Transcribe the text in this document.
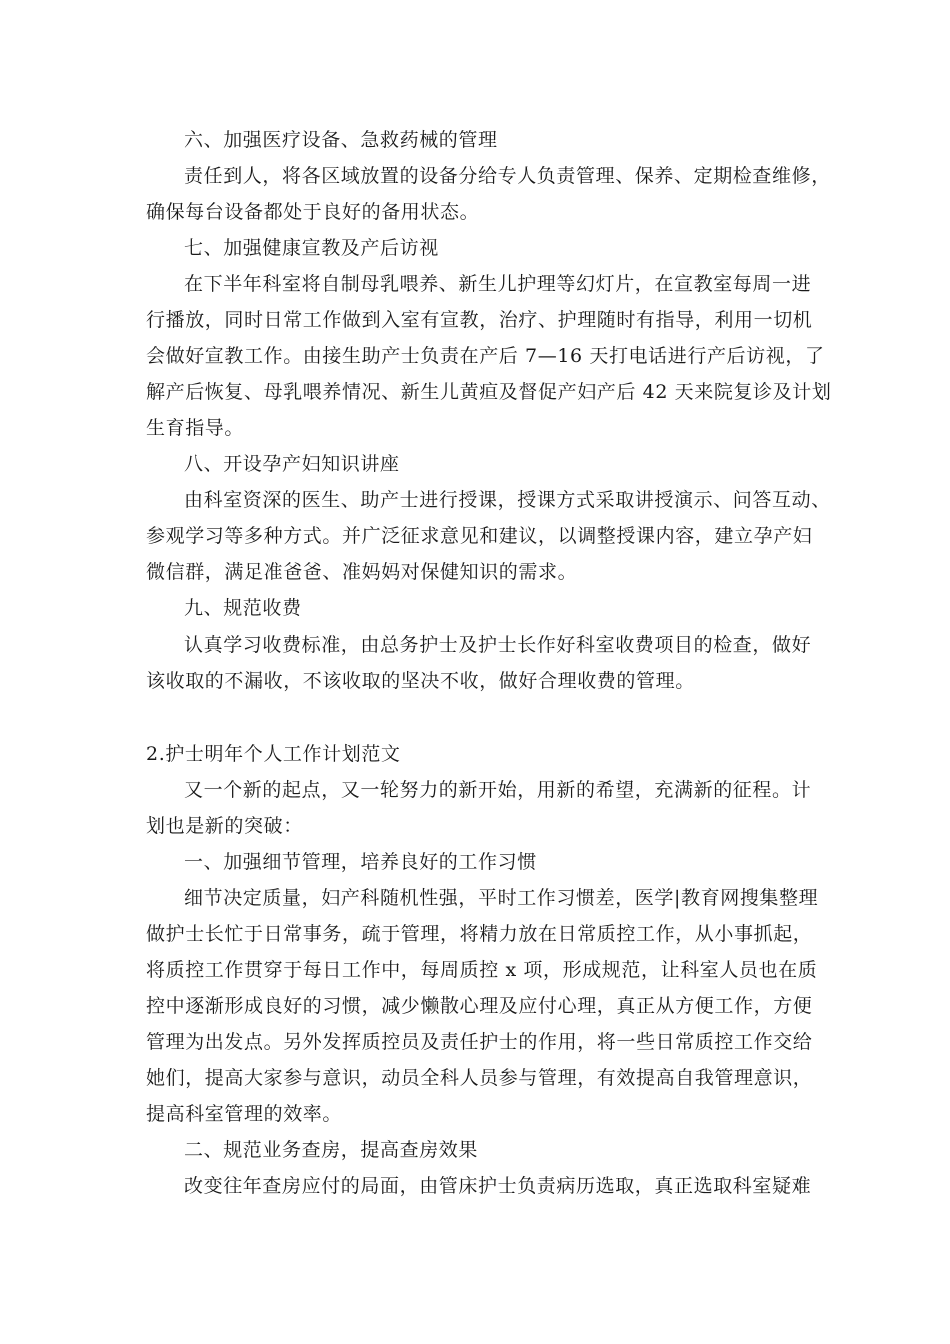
六、加强医疗设备、急救药械的管理
责任到人，将各区域放置的设备分给专人负责管理、保养、定期检查维修，
确保每台设备都处于良好的备用状态。
七、加强健康宣教及产后访视
在下半年科室将自制母乳喂养、新生儿护理等幻灯片，在宣教室每周一进
行播放，同时日常工作做到入室有宣教，治疗、护理随时有指导，利用一切机
会做好宣教工作。由接生助产士负责在产后 7—16 天打电话进行产后访视，了
解产后恢复、母乳喂养情况、新生儿黄疸及督促产妇产后 42 天来院复诊及计划
生育指导。
八、开设孕产妇知识讲座
由科室资深的医生、助产士进行授课，授课方式采取讲授演示、问答互动、
参观学习等多种方式。并广泛征求意见和建议，以调整授课内容，建立孕产妇
微信群，满足准爸爸、准妈妈对保健知识的需求。
九、规范收费
认真学习收费标准，由总务护士及护士长作好科室收费项目的检查，做好
该收取的不漏收，不该收取的坚决不收，做好合理收费的管理。
2.护士明年个人工作计划范文
又一个新的起点，又一轮努力的新开始，用新的希望，充满新的征程。计
划也是新的突破：
一、加强细节管理，培养良好的工作习惯
细节决定质量，妇产科随机性强，平时工作习惯差，医学|教育网搜集整理
做护士长忙于日常事务，疏于管理，将精力放在日常质控工作，从小事抓起，
将质控工作贯穿于每日工作中，每周质控 x 项，形成规范，让科室人员也在质
控中逐渐形成良好的习惯，减少懒散心理及应付心理，真正从方便工作，方便
管理为出发点。另外发挥质控员及责任护士的作用，将一些日常质控工作交给
她们，提高大家参与意识，动员全科人员参与管理，有效提高自我管理意识，
提高科室管理的效率。
二、规范业务查房，提高查房效果
改变往年查房应付的局面，由管床护士负责病历选取，真正选取科室疑难
